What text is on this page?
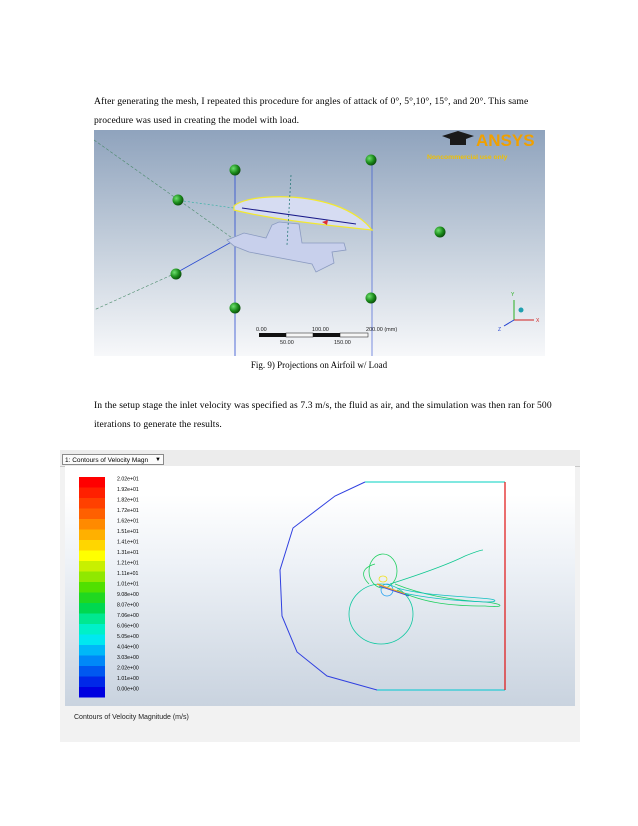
After generating the mesh, I repeated this procedure for angles of attack of 0°, 5°,10°, 15°, and 20°. This same procedure was used in creating the model with load.
ANSYS
Noncommercial use only
0.00	100.00	200.00 (mm)
50.00	150.00
Y
X
Z
Fig. 9) Projections on Airfoil w/ Load
In the setup stage the inlet velocity was specified as 7.3 m/s, the fluid as air, and the simulation was then ran for 500 iterations to generate the results.
1: Contours of Velocity Magn ▼
2.02e+01
1.92e+01
1.82e+01
1.72e+01
1.62e+01
1.51e+01
1.41e+01
1.31e+01
1.21e+01
1.11e+01
1.01e+01
9.08e+00
8.07e+00
7.06e+00
6.06e+00
5.05e+00
4.04e+00
3.03e+00
2.02e+00
1.01e+00
0.00e+00
Contours of Velocity Magnitude (m/s)
